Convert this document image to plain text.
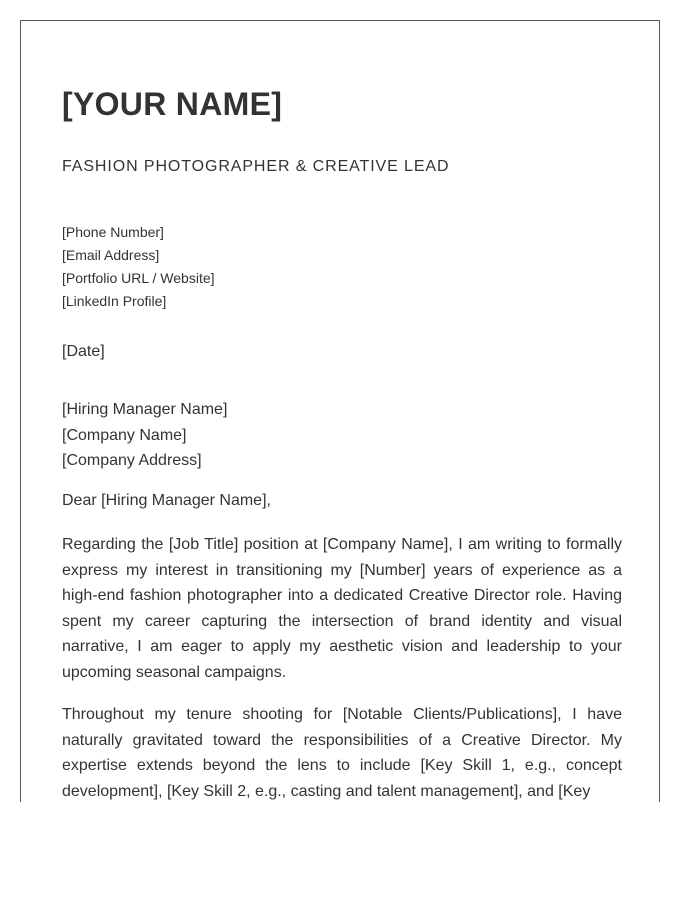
[YOUR NAME]
FASHION PHOTOGRAPHER & CREATIVE LEAD
[Phone Number]
[Email Address]
[Portfolio URL / Website]
[LinkedIn Profile]
[Date]
[Hiring Manager Name]
[Company Name]
[Company Address]
Dear [Hiring Manager Name],

Regarding the [Job Title] position at [Company Name], I am writing to formally express my interest in transitioning my [Number] years of experience as a high-end fashion photographer into a dedicated Creative Director role. Having spent my career capturing the intersection of brand identity and visual narrative, I am eager to apply my aesthetic vision and leadership to your upcoming seasonal campaigns.

Throughout my tenure shooting for [Notable Clients/Publications], I have naturally gravitated toward the responsibilities of a Creative Director. My expertise extends beyond the lens to include [Key Skill 1, e.g., concept development], [Key Skill 2, e.g., casting and talent management], and [Key
